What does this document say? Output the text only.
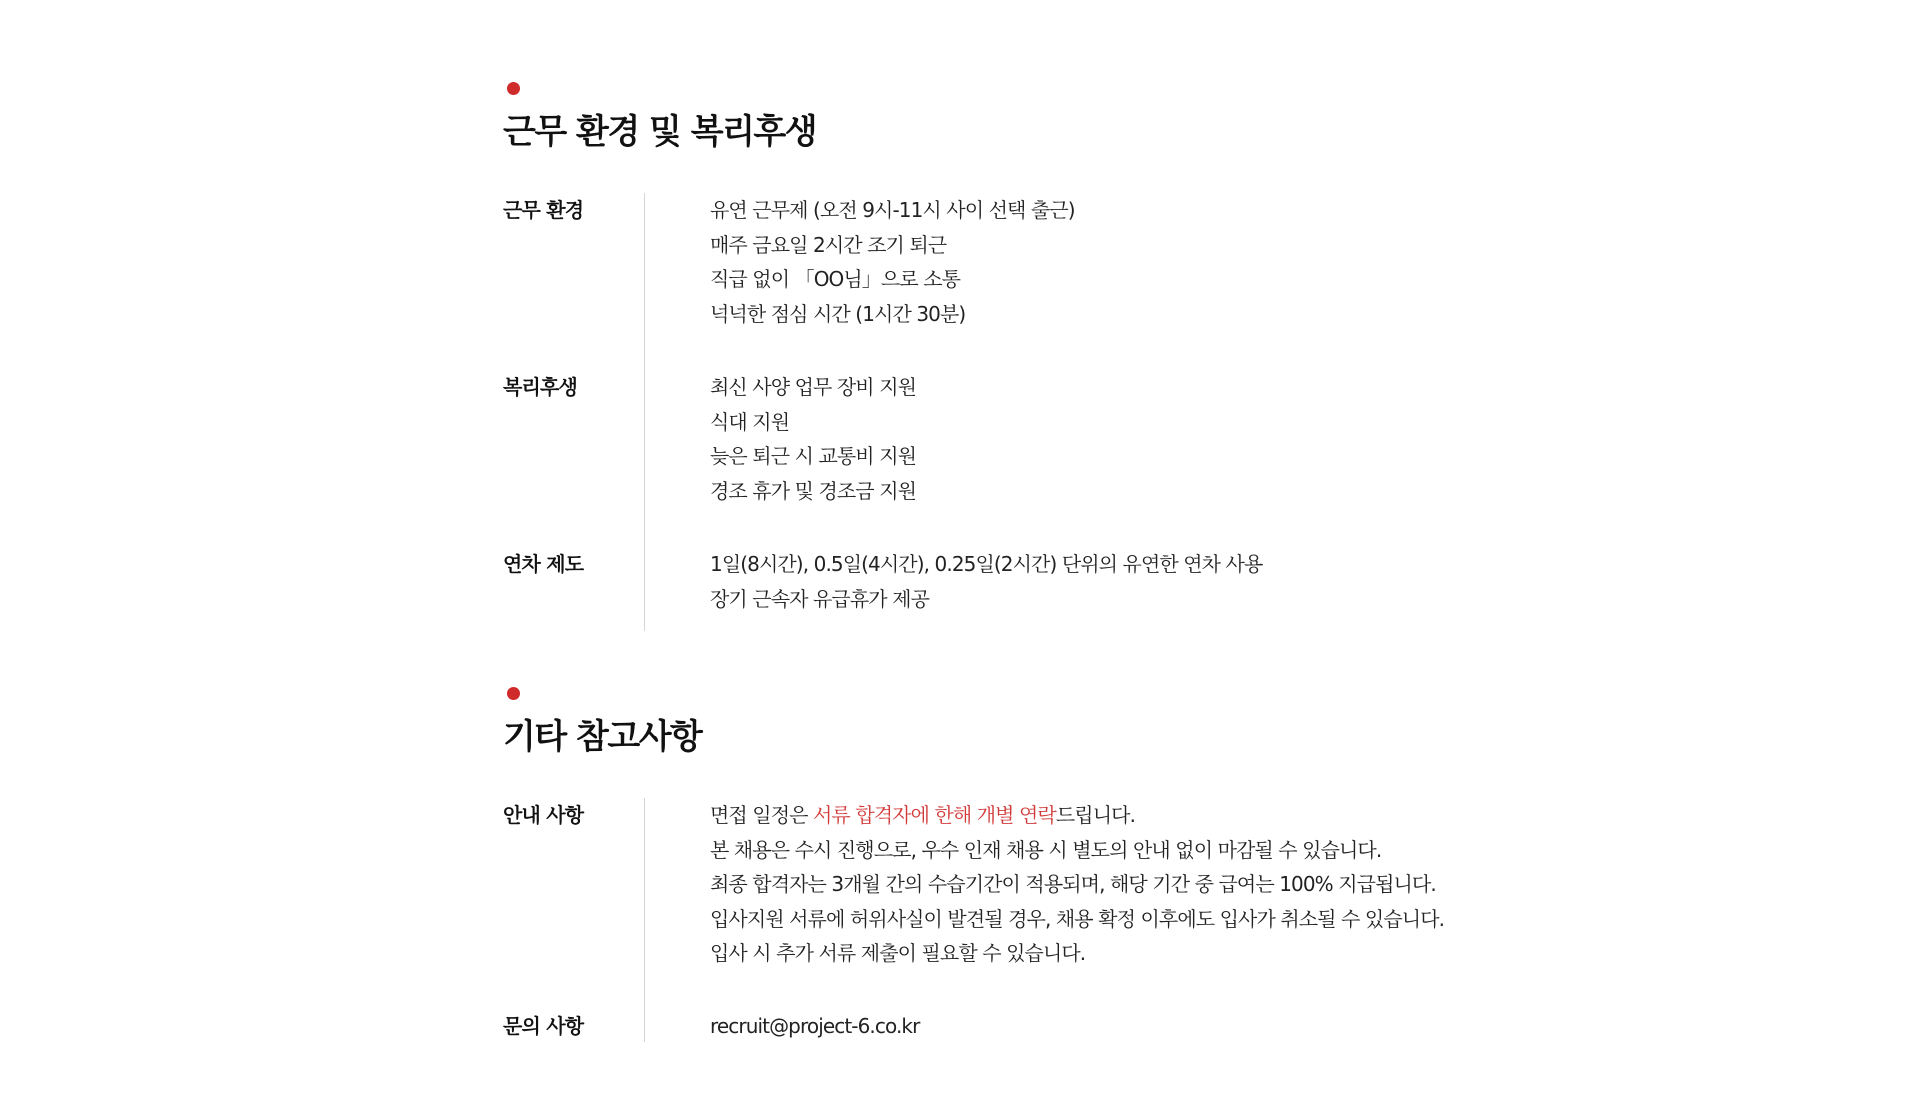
근무 환경 및 복리후생
근무 환경	유연 근무제 (오전 9시-11시 사이 선택 출근)
매주 금요일 2시간 조기 퇴근
직급 없이 「OO님」으로 소통
넉넉한 점심 시간 (1시간 30분)
복리후생	최신 사양 업무 장비 지원
식대 지원
늦은 퇴근 시 교통비 지원
경조 휴가 및 경조금 지원
연차 제도	1일(8시간), 0.5일(4시간), 0.25일(2시간) 단위의 유연한 연차 사용
장기 근속자 유급휴가 제공
기타 참고사항
안내 사항	면접 일정은 서류 합격자에 한해 개별 연락드립니다.
본 채용은 수시 진행으로, 우수 인재 채용 시 별도의 안내 없이 마감될 수 있습니다.
최종 합격자는 3개월 간의 수습기간이 적용되며, 해당 기간 중 급여는 100% 지급됩니다.
입사지원 서류에 허위사실이 발견될 경우, 채용 확정 이후에도 입사가 취소될 수 있습니다.
입사 시 추가 서류 제출이 필요할 수 있습니다.
문의 사항	recruit@project-6.co.kr
